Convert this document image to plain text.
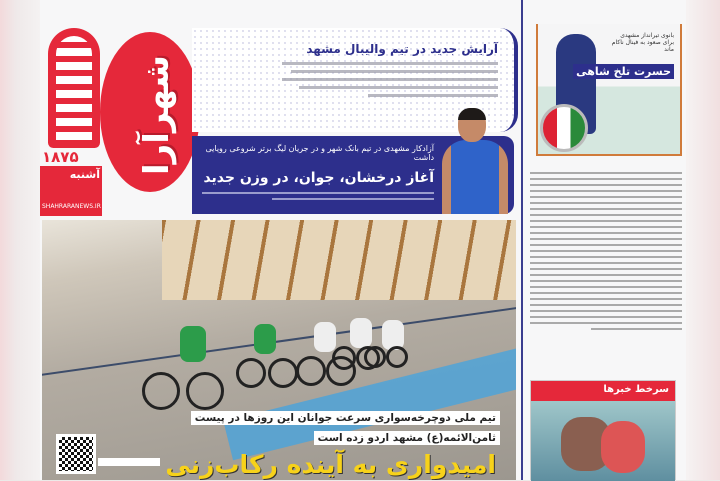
شهرآرا
۱۸۷۵
آشنبه
SHAHRARANEWS.IR
آرایش جدید در تیم والیبال مشهد
آزادکار مشهدی در تیم بانک شهر و در جریان لیگ برتر شروعی رویایی داشت
آغاز درخشان، جوان، در وزن جدید
تیم ملی دوچرخه‌سواری سرعت جوانان این روزها در پیست
ثامن‌الائمه(ع) مشهد اردو زده است
امیدواری به آینده رکاب‌زنی

بانوی تیرانداز مشهدی برای صعود به فینال ناکام ماند
حسرت تلخ شاهی

سرخط خبرها
